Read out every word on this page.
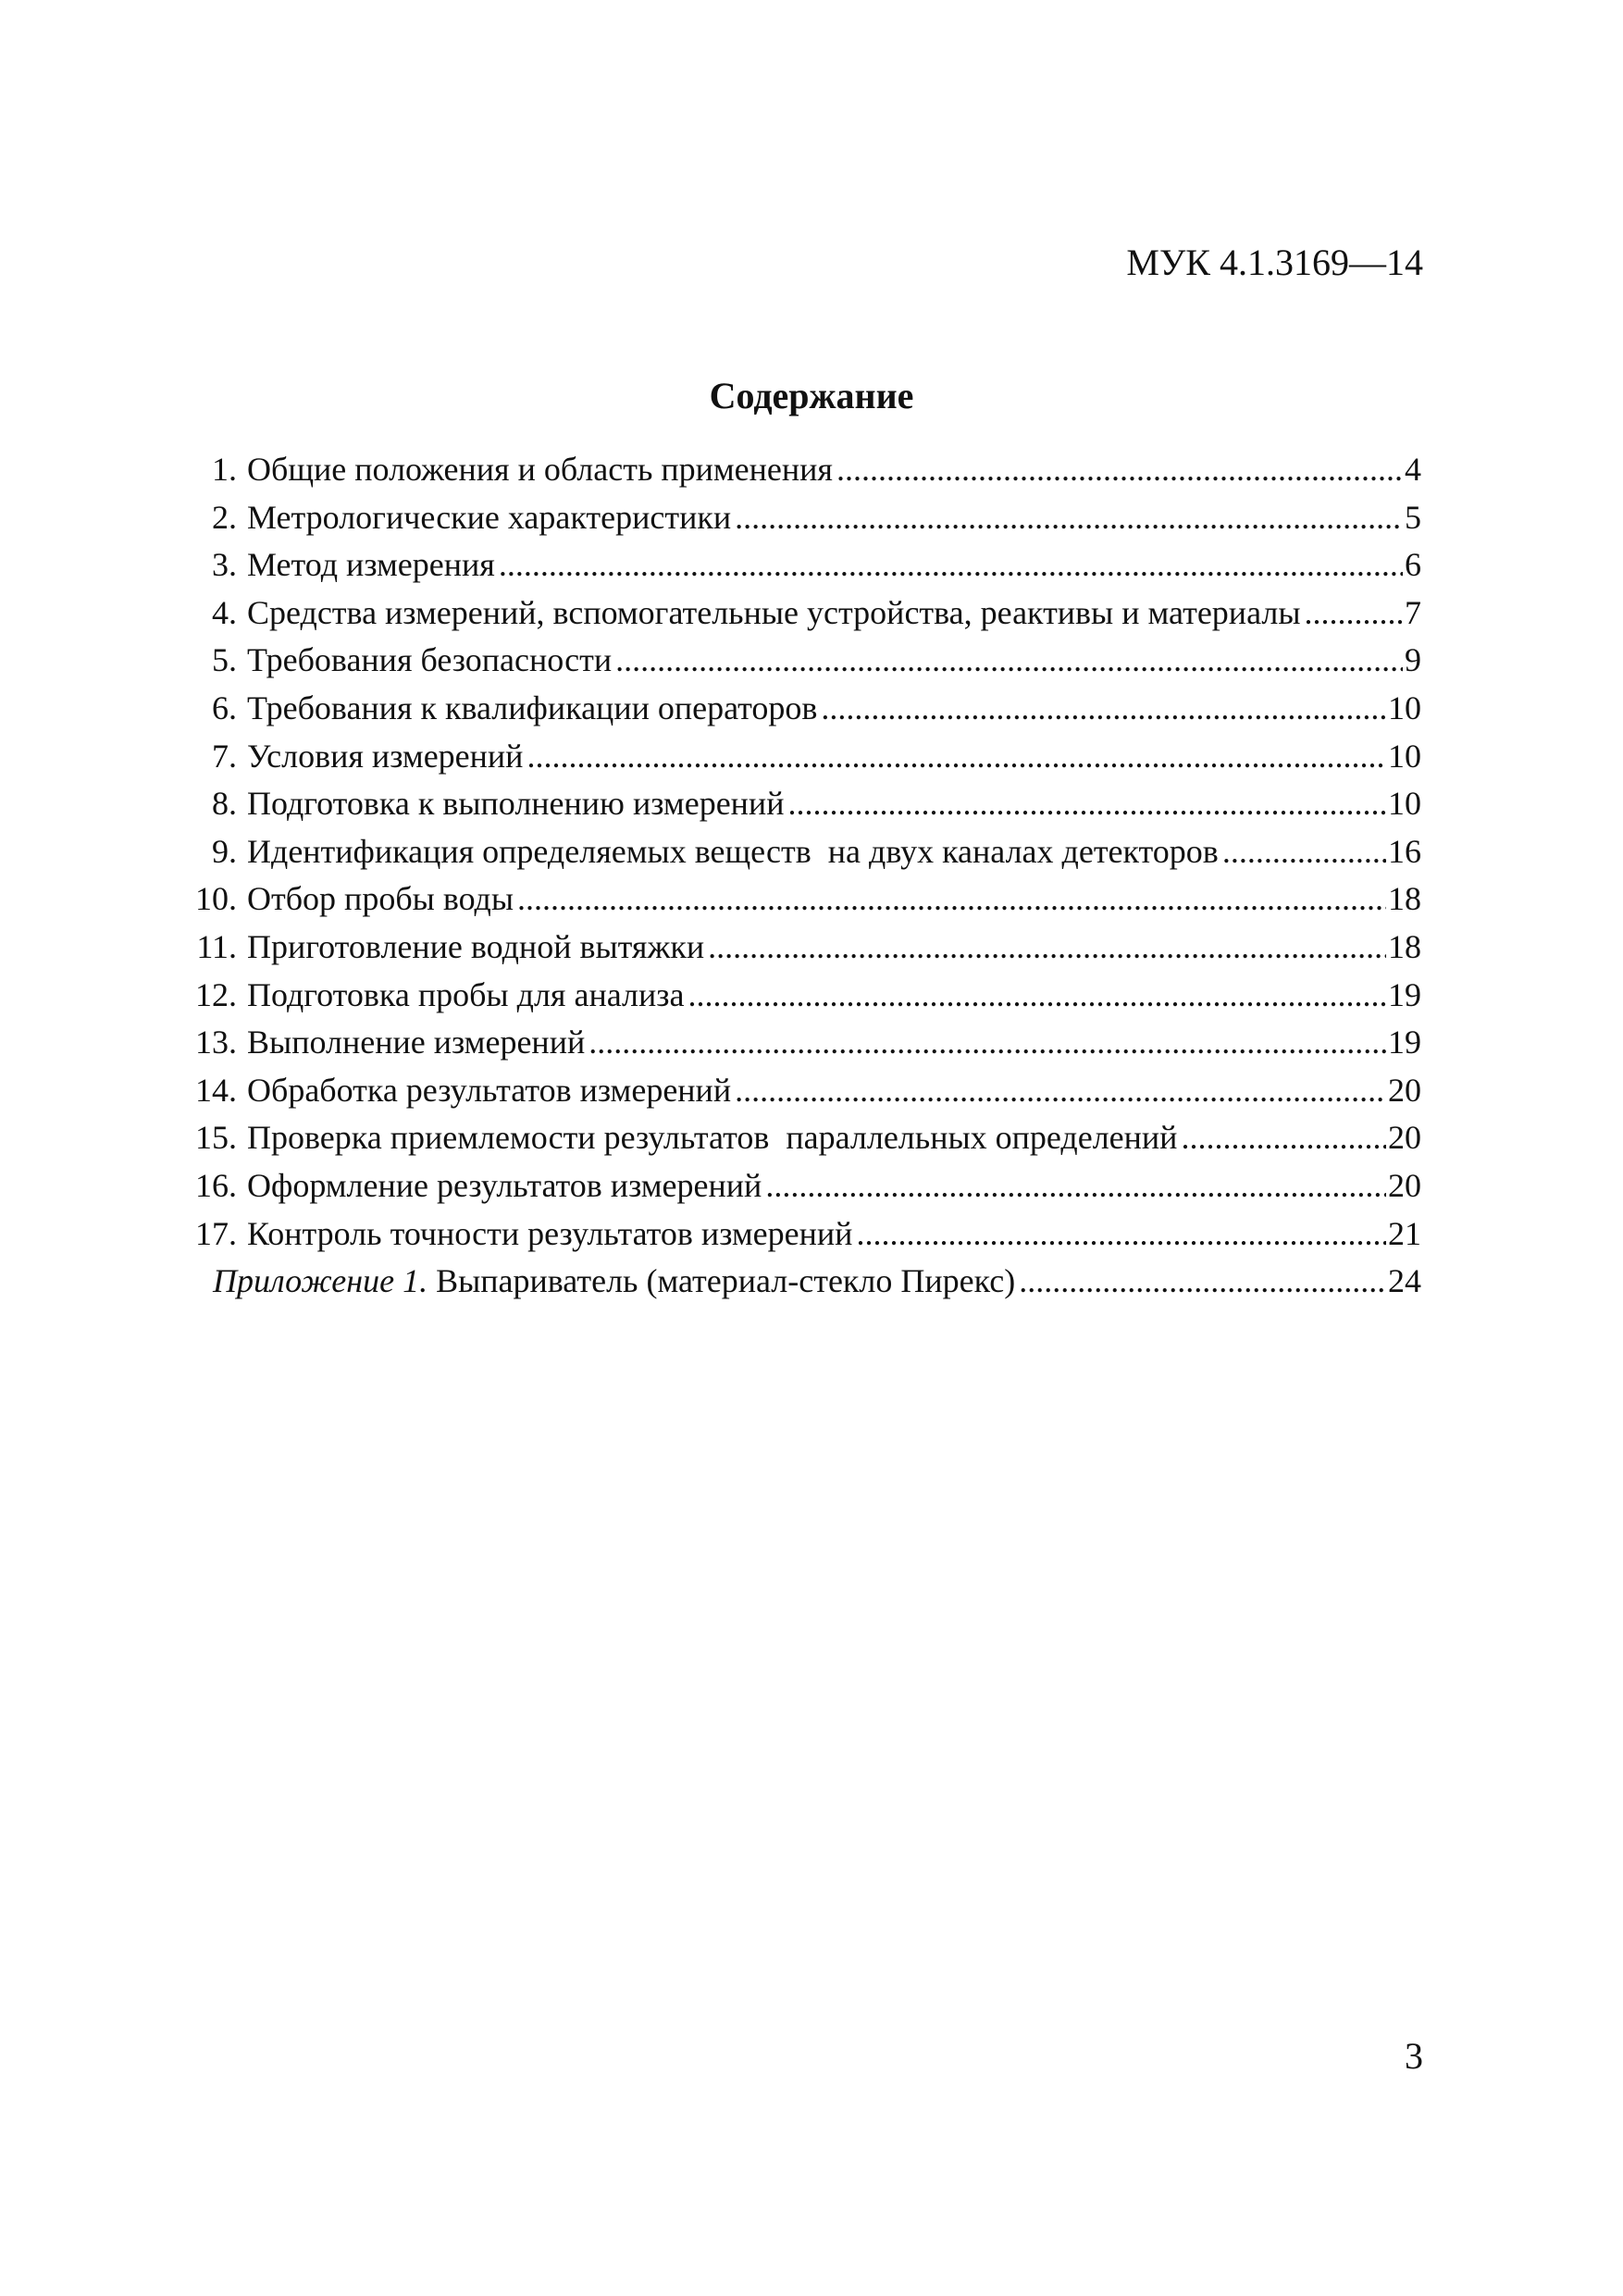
МУК 4.1.3169—14
Содержание
1. Общие положения и область применения .....	4
2. Метрологические характеристики .....	5
3. Метод измерения .....	6
4. Средства измерений, вспомогательные устройства, реактивы и материалы .....	7
5. Требования безопасности .....	9
6. Требования к квалификации операторов .....	10
7. Условия измерений .....	10
8. Подготовка к выполнению измерений .....	10
9. Идентификация определяемых веществ  на двух каналах детекторов .....	16
10. Отбор пробы воды .....	18
11. Приготовление водной вытяжки .....	18
12. Подготовка пробы для анализа .....	19
13. Выполнение измерений .....	19
14. Обработка результатов измерений .....	20
15. Проверка приемлемости результатов  параллельных определений .....	20
16. Оформление результатов измерений .....	20
17. Контроль точности результатов измерений .....	21
Приложение 1. Выпариватель (материал-стекло Пирекс) .....	24
3
